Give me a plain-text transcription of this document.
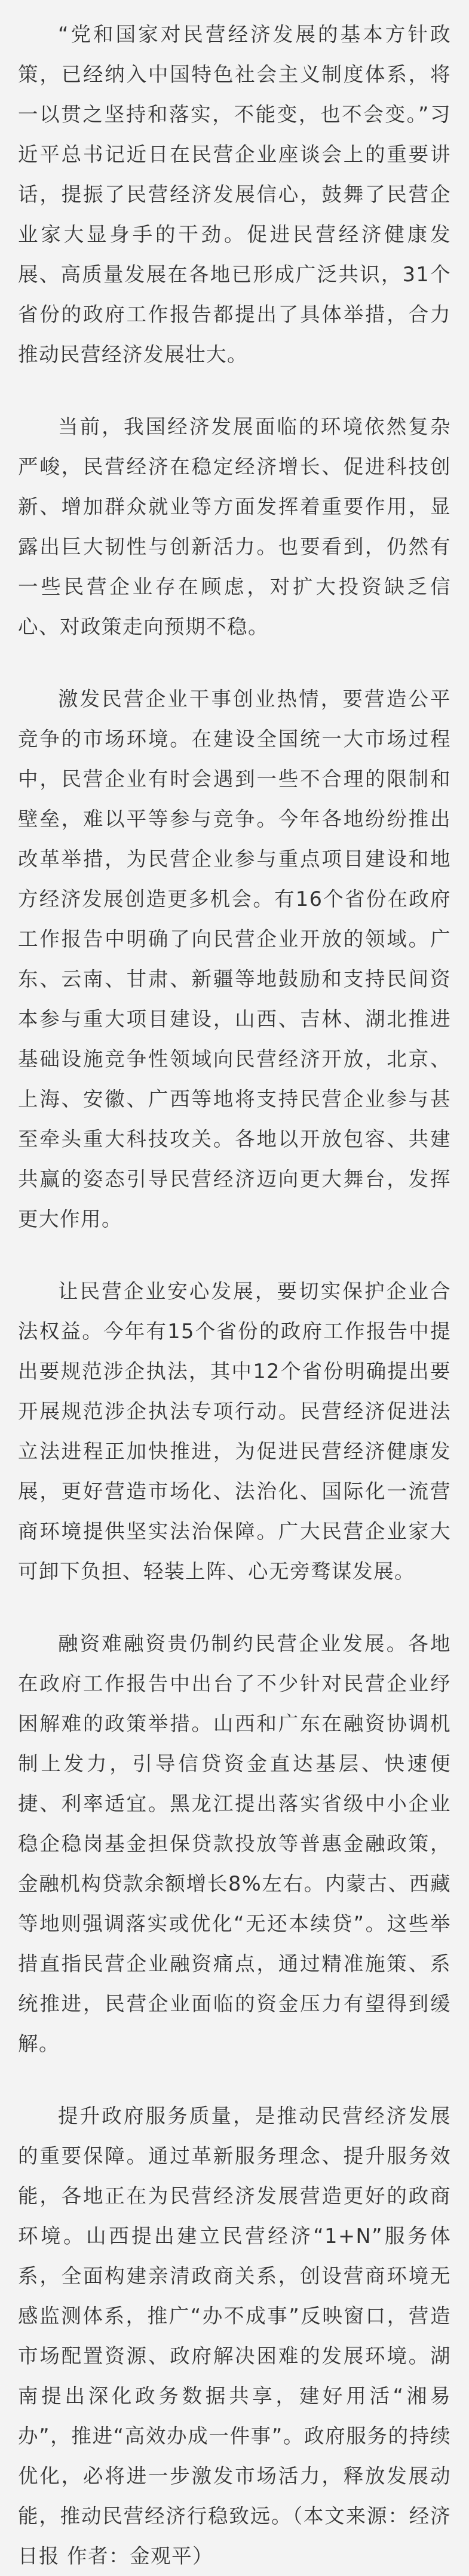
“党和国家对民营经济发展的基本方针政策，已经纳入中国特色社会主义制度体系，将一以贯之坚持和落实，不能变，也不会变。”习近平总书记近日在民营企业座谈会上的重要讲话，提振了民营经济发展信心，鼓舞了民营企业家大显身手的干劲。促进民营经济健康发展、高质量发展在各地已形成广泛共识，31个省份的政府工作报告都提出了具体举措，合力推动民营经济发展壮大。

当前，我国经济发展面临的环境依然复杂严峻，民营经济在稳定经济增长、促进科技创新、增加群众就业等方面发挥着重要作用，显露出巨大韧性与创新活力。也要看到，仍然有一些民营企业存在顾虑，对扩大投资缺乏信心、对政策走向预期不稳。

激发民营企业干事创业热情，要营造公平竞争的市场环境。在建设全国统一大市场过程中，民营企业有时会遇到一些不合理的限制和壁垒，难以平等参与竞争。今年各地纷纷推出改革举措，为民营企业参与重点项目建设和地方经济发展创造更多机会。有16个省份在政府工作报告中明确了向民营企业开放的领域。广东、云南、甘肃、新疆等地鼓励和支持民间资本参与重大项目建设，山西、吉林、湖北推进基础设施竞争性领域向民营经济开放，北京、上海、安徽、广西等地将支持民营企业参与甚至牵头重大科技攻关。各地以开放包容、共建共赢的姿态引导民营经济迈向更大舞台，发挥更大作用。

让民营企业安心发展，要切实保护企业合法权益。今年有15个省份的政府工作报告中提出要规范涉企执法，其中12个省份明确提出要开展规范涉企执法专项行动。民营经济促进法立法进程正加快推进，为促进民营经济健康发展，更好营造市场化、法治化、国际化一流营商环境提供坚实法治保障。广大民营企业家大可卸下负担、轻装上阵、心无旁骛谋发展。

融资难融资贵仍制约民营企业发展。各地在政府工作报告中出台了不少针对民营企业纾困解难的政策举措。山西和广东在融资协调机制上发力，引导信贷资金直达基层、快速便捷、利率适宜。黑龙江提出落实省级中小企业稳企稳岗基金担保贷款投放等普惠金融政策，金融机构贷款余额增长8%左右。内蒙古、西藏等地则强调落实或优化“无还本续贷”。这些举措直指民营企业融资痛点，通过精准施策、系统推进，民营企业面临的资金压力有望得到缓解。

提升政府服务质量，是推动民营经济发展的重要保障。通过革新服务理念、提升服务效能，各地正在为民营经济发展营造更好的政商环境。山西提出建立民营经济“1+N”服务体系，全面构建亲清政商关系，创设营商环境无感监测体系，推广“办不成事”反映窗口，营造市场配置资源、政府解决困难的发展环境。湖南提出深化政务数据共享，建好用活“湘易办”，推进“高效办成一件事”。政府服务的持续优化，必将进一步激发市场活力，释放发展动能，推动民营经济行稳致远。（本文来源：经济日报 作者：金观平）
